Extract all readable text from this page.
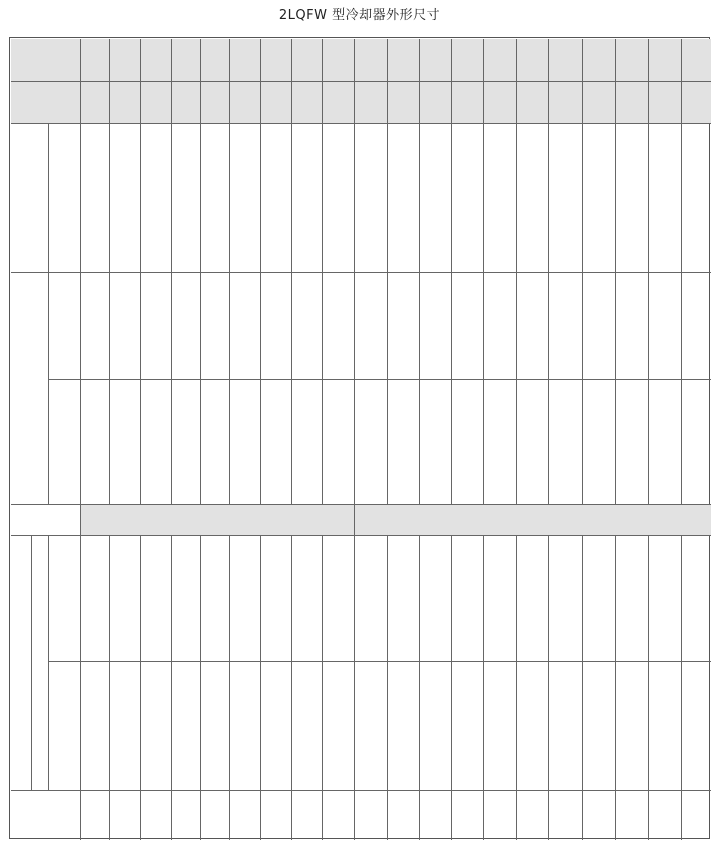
2LQFW 型冷却器外形尺寸
